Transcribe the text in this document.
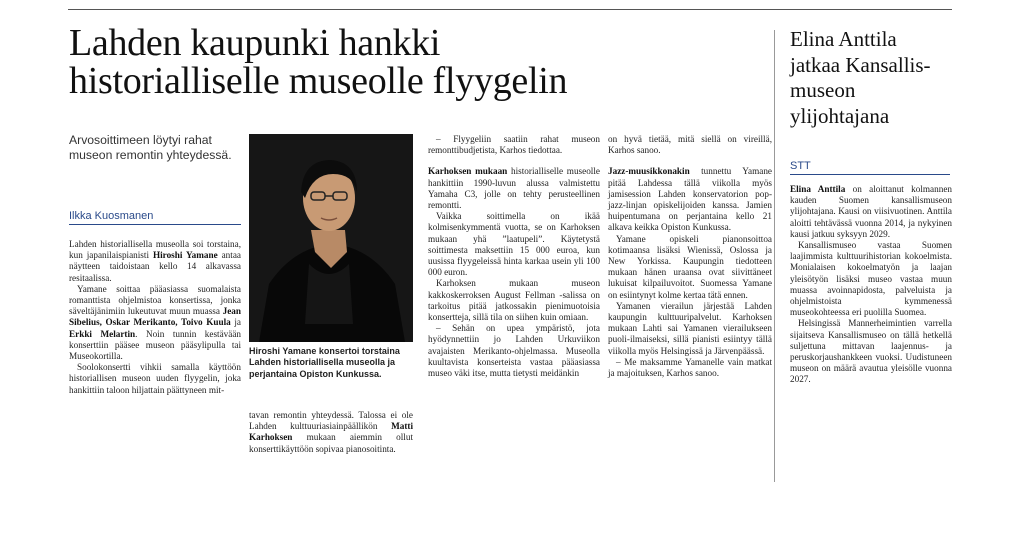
Lahden kaupunki hankki
historialliselle museolle flyygelin
Arvosoittimeen löytyi rahat museon remontin yhteydessä.
Ilkka Kuosmanen

Lahden historiallisella museolla soi torstaina, kun japanilaispianisti Hiroshi Yamane antaa näytteen taidoistaan kello 14 alkavassa resitaalissa.

Yamane soittaa pääasiassa suomalaista romanttista ohjelmistoa konsertissa, jonka säveltäjänimiin lukeutuvat muun muassa Jean Sibelius, Oskar Merikanto, Toivo Kuula ja Erkki Melartin. Noin tunnin kestävään konserttiin pääsee museon pääsylipulla tai Museokortilla.

Soolokonsertti vihkii samalla käyttöön historiallisen museon uuden flyygelin, joka hankittiin taloon hiljattain päättyneen mit-

Hiroshi Yamane konsertoi torstaina Lahden historiallisella museolla ja perjantaina Opiston Kunkussa.

tavan remontin yhteydessä. Talossa ei ole Lahden kulttuuriasiainpäällikön Matti Karhoksen mukaan aiemmin ollut konserttikäyttöön sopivaa pianosoitinta.

– Flyygeliin saatiin rahat museon remonttibudjetista, Karhos tiedottaa.

Karhoksen mukaan historialliselle museolle hankittiin 1990-luvun alussa valmistettu Yamaha C3, jolle on tehty perusteellinen remontti.

Vaikka soittimella on ikää kolmisenkymmentä vuotta, se on Karhoksen mukaan yhä ”laatupeli”. Käytetystä soittimesta maksettiin 15 000 euroa, kun uusissa flyygeleissä hinta karkaa usein yli 100 000 euron.

Karhoksen mukaan museon kakkoskerroksen August Fellman -salissa on tarkoitus pitää jatkossakin pienimuotoisia konsertteja, sillä tila on siihen kuin omiaan.

– Sehän on upea ympäristö, jota hyödynnettiin jo Lahden Urkuviikon avajaisten Merikanto-ohjelmassa. Museolla kuultavista konserteista vastaa pääasiassa museo väki itse, mutta tietysti meidänkin

on hyvä tietää, mitä siellä on vireillä, Karhos sanoo.

Jazz-muusikkonakin tunnettu Yamane pitää Lahdessa tällä viikolla myös jamisession Lahden konservatorion pop-jazz-linjan opiskelijoiden kanssa. Jamien huipentumana on perjantaina kello 21 alkava keikka Opiston Kunkussa.

Yamane opiskeli pianonsoittoa kotimaansa lisäksi Wienissä, Oslossa ja New Yorkissa. Kaupungin tiedotteen mukaan hänen uraansa ovat siivittäneet lukuisat kilpailuvoitot. Suomessa Yamane on esiintynyt kolme kertaa tätä ennen.

Yamanen vierailun järjestää Lahden kaupungin kulttuuripalvelut. Karhoksen mukaan Lahti sai Yamanen vierailukseen puoli-ilmaiseksi, sillä pianisti esiintyy tällä viikolla myös Helsingissä ja Järvenpäässä.

– Me maksamme Yamanelle vain matkat ja majoituksen, Karhos sanoo.

Elina Anttila
jatkaa Kansallis-
museon
ylijohtajana
STT

Elina Anttila on aloittanut kolmannen kauden Suomen kansallismuseon ylijohtajana. Kausi on viisivuotinen. Anttila aloitti tehtävässä vuonna 2014, ja nykyinen kausi jatkuu syksyyn 2029.

Kansallismuseo vastaa Suomen laajimmista kulttuurihistorian kokoelmista. Monialaisen kokoelmatyön ja laajan yleisötyön lisäksi museo vastaa muun muassa avoinnapidosta, palveluista ja ohjelmistoista kymmenessä museokohteessa eri puolilla Suomea.

Helsingissä Mannerheimintien varrella sijaitseva Kansallismuseo on tällä hetkellä suljettuna mittavan laajennus- ja peruskorjaushankkeen vuoksi. Uudistuneen museon on määrä avautua yleisölle vuonna 2027.
